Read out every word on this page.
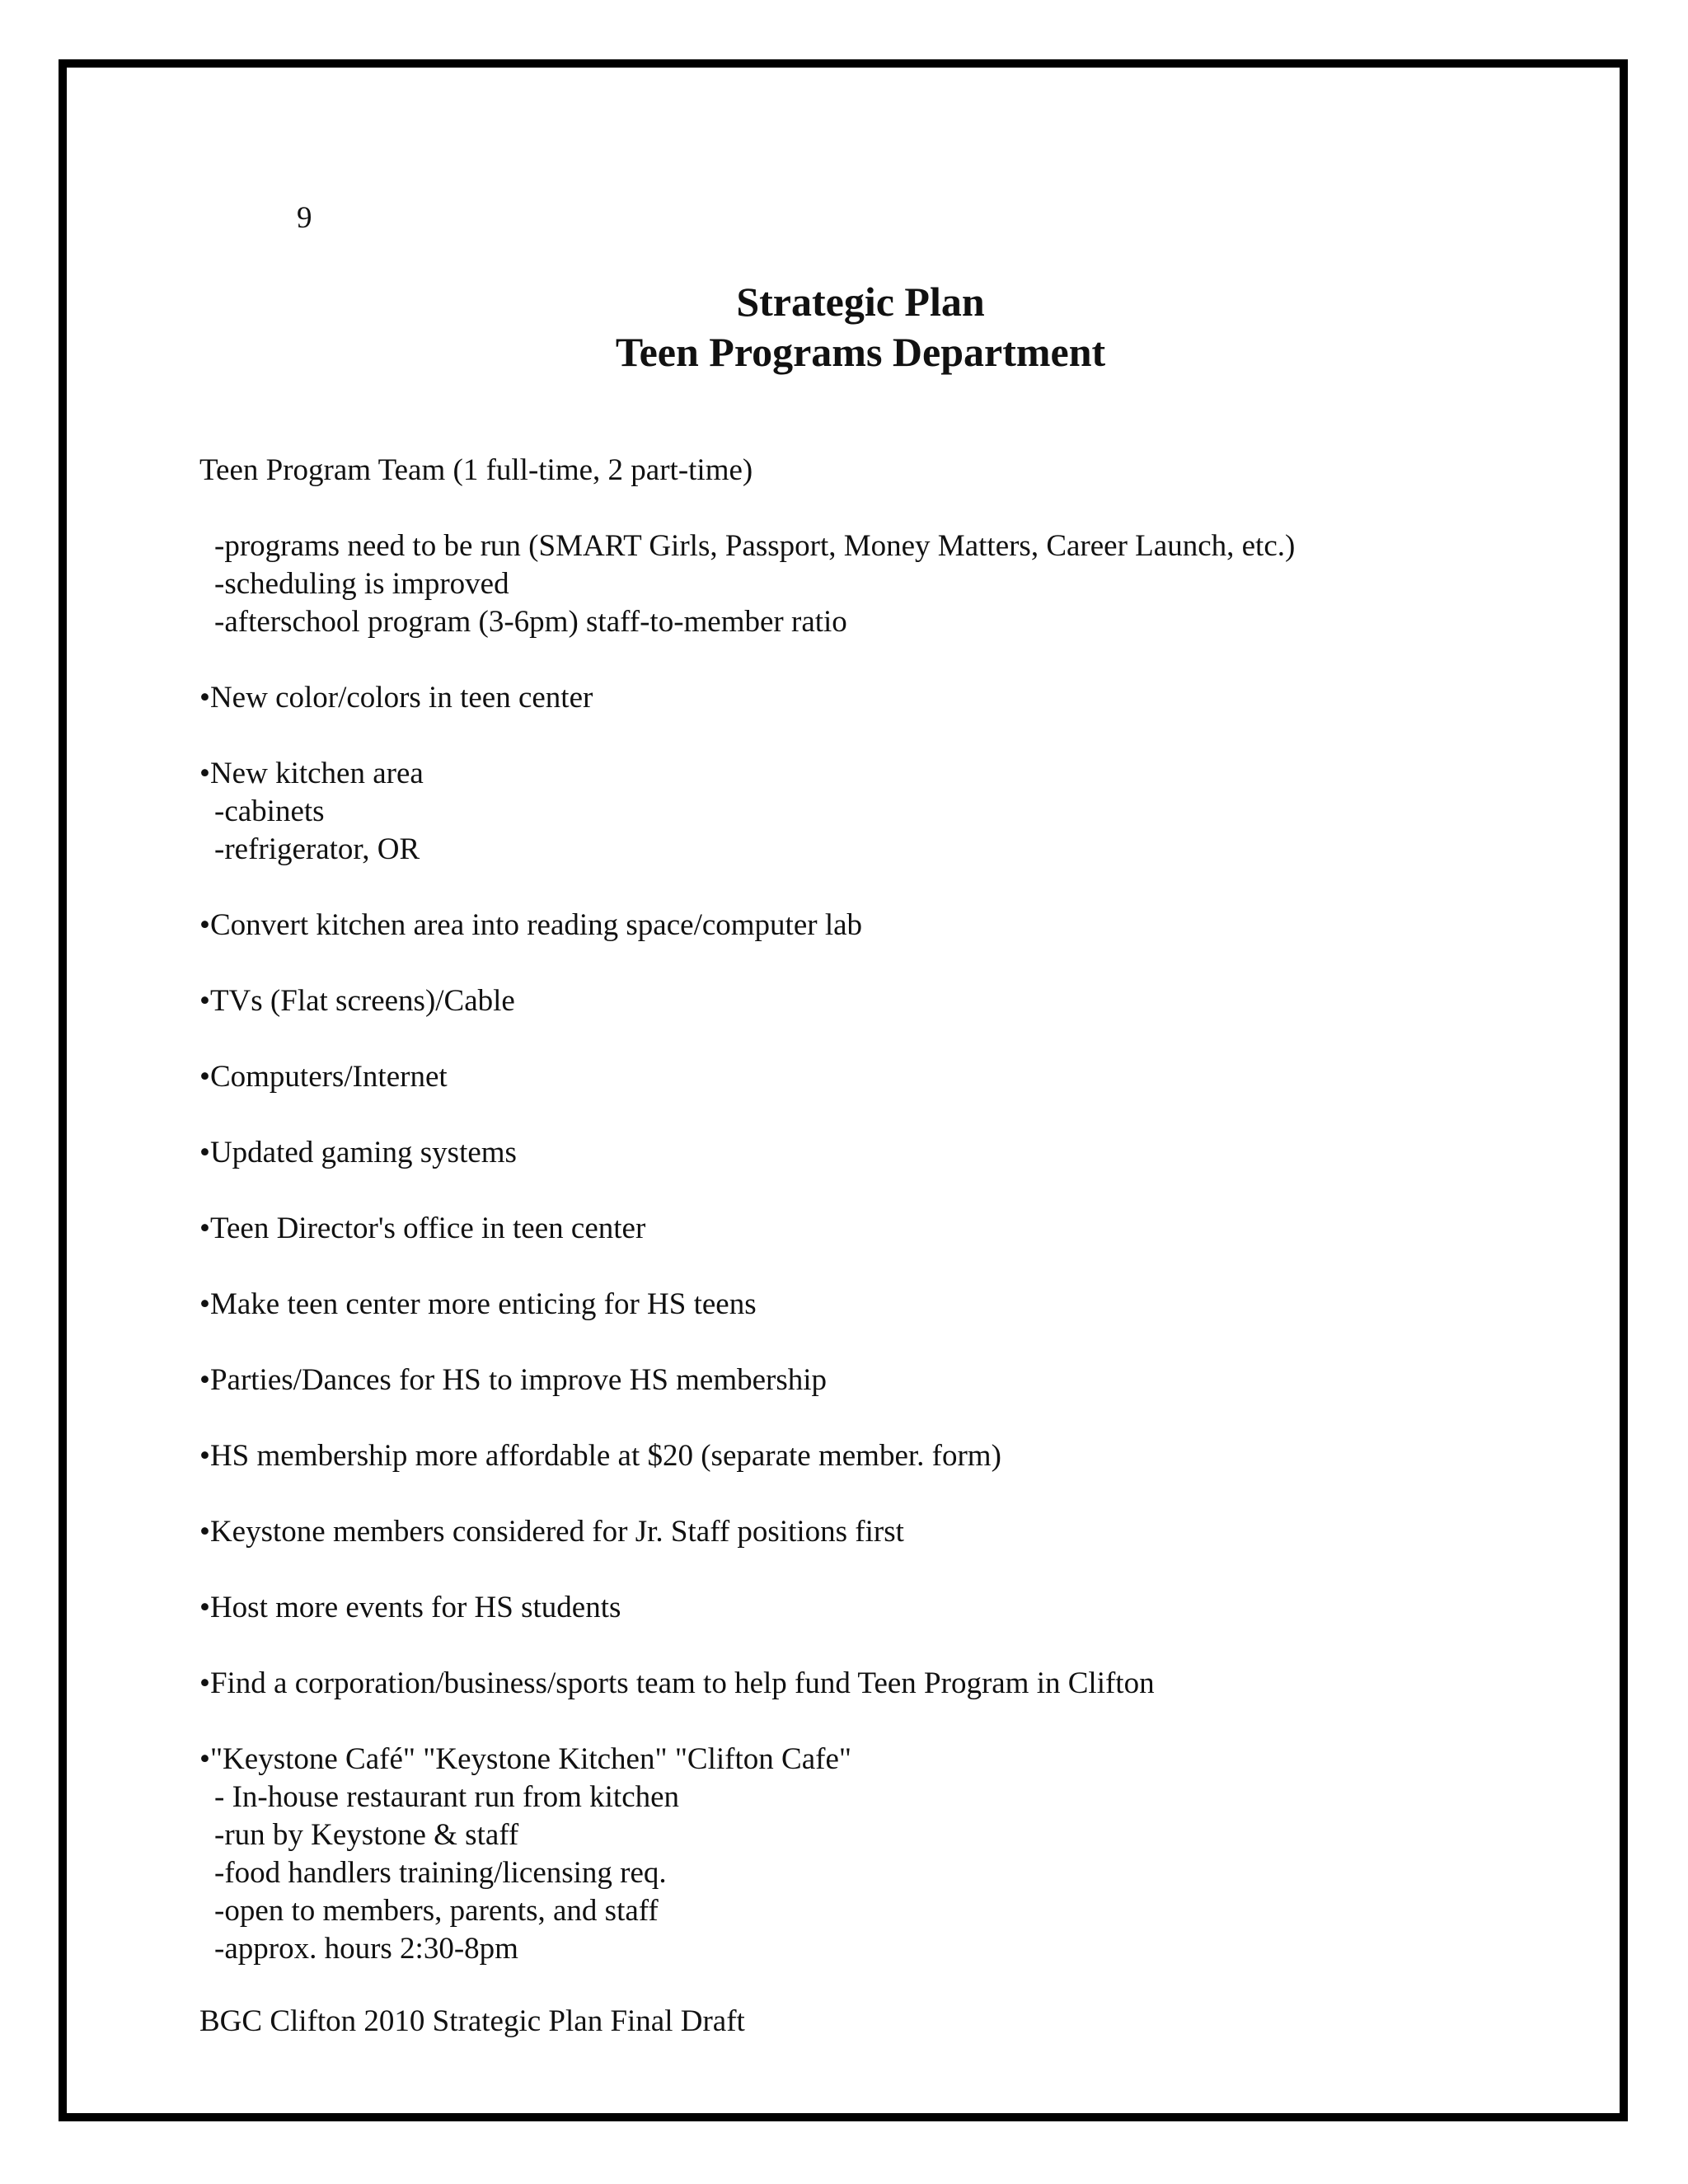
9
Strategic Plan
Teen Programs Department
Teen Program Team (1 full-time, 2 part-time)
-programs need to be run (SMART Girls, Passport, Money Matters, Career Launch, etc.)
-scheduling is improved
-afterschool program (3-6pm) staff-to-member ratio
•New color/colors in teen center
•New kitchen area
-cabinets
-refrigerator, OR
•Convert kitchen area into reading space/computer lab
•TVs (Flat screens)/Cable
•Computers/Internet
•Updated gaming systems
•Teen Director's office in teen center
•Make teen center more enticing for HS teens
•Parties/Dances for HS to improve HS membership
•HS membership more affordable at $20 (separate member. form)
•Keystone members considered for Jr. Staff positions first
•Host more events for HS students
•Find a corporation/business/sports team to help fund Teen Program in Clifton
•"Keystone Café" "Keystone Kitchen" "Clifton Cafe"
- In-house restaurant run from kitchen
-run by Keystone & staff
-food handlers training/licensing req.
-open to members, parents, and staff
-approx. hours 2:30-8pm
BGC Clifton 2010 Strategic Plan Final Draft
